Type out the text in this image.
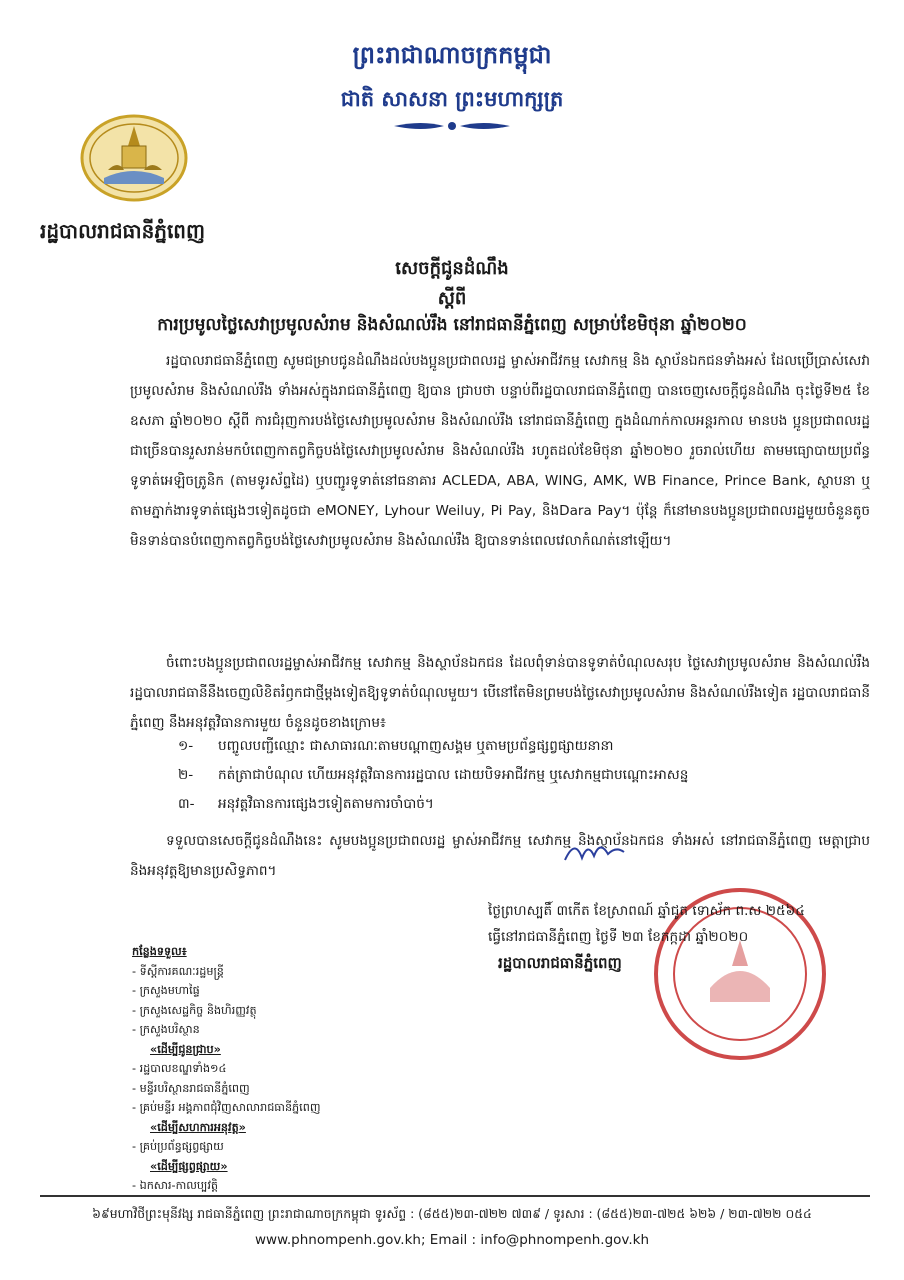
ព្រះរាជាណាចក្រកម្ពុជា
ជាតិ សាសនា ព្រះមហាក្សត្រ
រដ្ឋបាលរាជធានីភ្នំពេញ
សេចក្តីជូនដំណឹង
ស្តីពី
ការប្រមូលថ្លៃសេវាប្រមូលសំរាម និងសំណល់រឹង នៅរាជធានីភ្នំពេញ សម្រាប់ខែមិថុនា ឆ្នាំ២០២០
រដ្ឋបាលរាជធានីភ្នំពេញ សូមជម្រាបជូនដំណឹងដល់បងប្អូនប្រជាពលរដ្ឋ ម្ចាស់អាជីវកម្ម សេវាកម្ម និង ស្ថាប័នឯកជនទាំងអស់ ដែលប្រើប្រាស់សេវាប្រមូលសំរាម និងសំណល់រឹង ទាំងអស់ក្នុងរាជធានីភ្នំពេញ ឱ្យបាន ជ្រាបថា បន្ទាប់ពីរដ្ឋបាលរាជធានីភ្នំពេញ បានចេញសេចក្តីជូនដំណឹង ចុះថ្ងៃទី២៥ ខែឧសភា ឆ្នាំ២០២០ ស្តីពី ការជំរុញការបង់ថ្លៃសេវាប្រមូលសំរាម និងសំណល់រឹង នៅរាជធានីភ្នំពេញ ក្នុងដំណាក់កាលអន្តរកាល មានបង ប្អូនប្រជាពលរដ្ឋជាច្រើនបានរួសរាន់មកបំពេញកាតព្វកិច្ចបង់ថ្លៃសេវាប្រមូលសំរាម និងសំណល់រឹង រហូតដល់ខែមិថុនា ឆ្នាំ២០២០ រួចរាល់ហើយ តាមមធ្យោបាយប្រព័ន្ធទូទាត់អេឡិចត្រូនិក (តាមទូរស័ព្ទដៃ) ឬបញ្ជូរទូទាត់នៅធនាគារ ACLEDA, ABA, WING, AMK, WB Finance, Prince Bank, ស្ថាបនា ឬតាមភ្នាក់ងារទូទាត់ផ្សេងៗទៀតដូចជា eMONEY, Lyhour Weiluy, Pi Pay, និងDara Pay។ ប៉ុន្តែ ក៏នៅមានបងប្អូនប្រជាពលរដ្ឋមួយចំនួនតូច មិនទាន់បានបំពេញកាតព្វកិច្ចបង់ថ្លៃសេវាប្រមូលសំរាម និងសំណល់រឹង ឱ្យបានទាន់ពេលវេលាកំណត់នៅឡើយ។
ចំពោះបងប្អូនប្រជាពលរដ្ឋម្ចាស់អាជីវកម្ម សេវាកម្ម និងស្ថាប័នឯកជន ដែលពុំទាន់បានទូទាត់បំណុលសរុប ថ្លៃសេវាប្រមូលសំរាម និងសំណល់រឹង រដ្ឋបាលរាជធានីនឹងចេញលិខិតរំឭកជាថ្មីម្តងទៀតឱ្យទូទាត់បំណុលមួយ។ បើនៅតែមិនព្រមបង់ថ្លៃសេវាប្រមូលសំរាម និងសំណល់រឹងទៀត រដ្ឋបាលរាជធានីភ្នំពេញ នឹងអនុវត្តវិធានការមួយ ចំនួនដូចខាងក្រោម៖
១-	បញ្ចូលបញ្ជីឈ្មោះ ជាសាធារណៈតាមបណ្តាញសង្គម ឬតាមប្រព័ន្ធផ្សព្វផ្សាយនានា
២-	កត់ត្រាជាបំណុល ហើយអនុវត្តវិធានការរដ្ឋបាល ដោយបិទអាជីវកម្ម ឬសេវាកម្មជាបណ្តោះអាសន្ន
៣-	អនុវត្តវិធានការផ្សេងៗទៀតតាមការចាំបាច់។
ទទួលបានសេចក្តីជូនដំណឹងនេះ សូមបងប្អូនប្រជាពលរដ្ឋ ម្ចាស់អាជីវកម្ម សេវាកម្ម និងស្ថាប័នឯកជន ទាំងអស់ នៅរាជធានីភ្នំពេញ មេត្តាជ្រាប និងអនុវត្តឱ្យមានប្រសិទ្ធភាព។
ថ្ងៃព្រហស្បតិ៍ ៣កើត ខែស្រាពណ៍ ឆ្នាំជូត ទោស័ក ព.ស ២៥៦៤
ធ្វើនៅរាជធានីភ្នំពេញ ថ្ងៃទី ២៣ ខែកក្កដា ឆ្នាំ២០២០
រដ្ឋបាលរាជធានីភ្នំពេញ
កន្លែងទទួល៖
- ទីស្តីការគណៈរដ្ឋមន្ត្រី
- ក្រសួងមហាផ្ទៃ
- ក្រសួងសេដ្ឋកិច្ច និងហិរញ្ញវត្ថុ
- ក្រសួងបរិស្ថាន
«ដើម្បីជូនជ្រាប»
- រដ្ឋបាលខណ្ឌទាំង១៤
- មន្ទីរបរិស្ថានរាជធានីភ្នំពេញ
- គ្រប់មន្ទីរ អង្គភាពជុំវិញសាលារាជធានីភ្នំពេញ
«ដើម្បីសហការអនុវត្ត»
- គ្រប់ប្រព័ន្ធផ្សព្វផ្សាយ
«ដើម្បីផ្សព្វផ្សាយ»
- ឯកសារ-កាលប្បវត្តិ
៦៩មហាវិថីព្រះមុនីវង្ស រាជធានីភ្នំពេញ ព្រះរាជាណាចក្រកម្ពុជា ទូរស័ព្ទ : (៨៥៥)២៣-៧២២ ៧៣៩ / ទូរសារ : (៨៥៥)២៣-៧២៥ ៦២៦ / ២៣-៧២២ ០៥៤
www.phnompenh.gov.kh; Email : info@phnompenh.gov.kh
